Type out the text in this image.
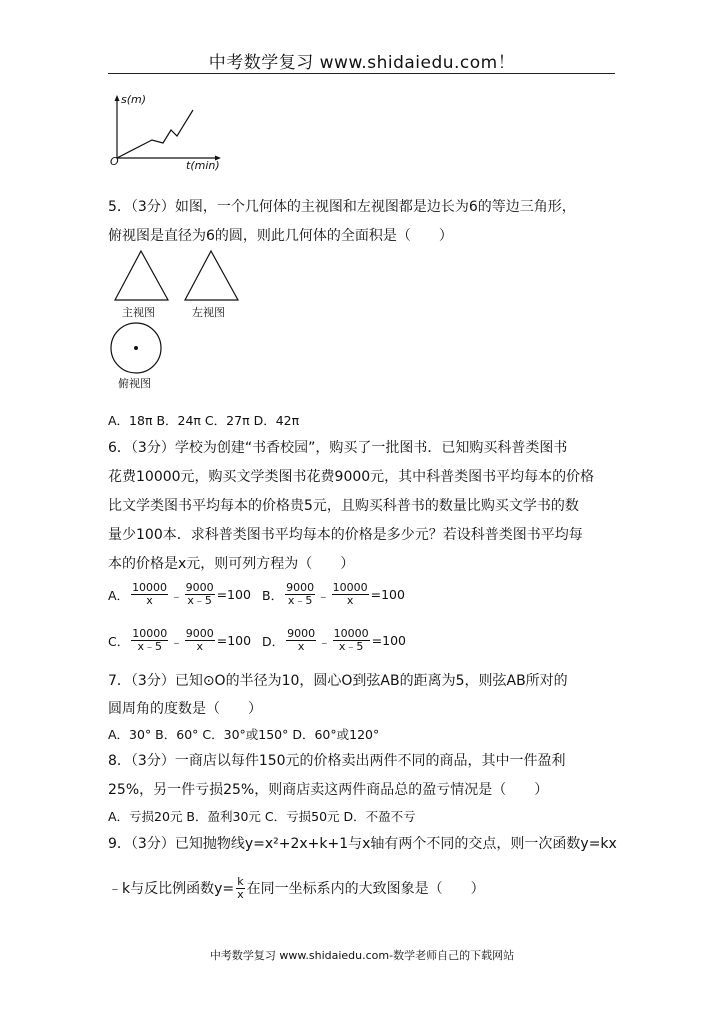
中考数学复习 www.shidaiedu.com！
s(m)
O	t(min)
5．（3分）如图，一个几何体的主视图和左视图都是边长为6的等边三角形，
俯视图是直径为6的圆，则此几何体的全面积是（　　）
主视图	左视图
俯视图
A．18π B．24π C．27π D．42π
6．（3分）学校为创建“书香校园”，购买了一批图书．已知购买科普类图书
花费10000元，购买文学类图书花费9000元，其中科普类图书平均每本的价格
比文学类图书平均每本的价格贵5元，且购买科普书的数量比购买文学书的数
量少100本．求科普类图书平均每本的价格是多少元？若设科普类图书平均每
本的价格是x元，则可列方程为（　　）
A． $\frac{10000}{x}$ ﹣ $\frac{9000}{x﹣5} =100$ B． $\frac{9000}{x﹣5}$ ﹣ $\frac{10000}{x} =100$
C． $\frac{10000}{x﹣5}$ ﹣ $\frac{9000}{x} =100$ D． $\frac{9000}{x}$ ﹣ $\frac{10000}{x﹣5} =100$
7．（3分）已知⊙O的半径为10，圆心O到弦AB的距离为5，则弦AB所对的
圆周角的度数是（　　）
A．30° B．60° C．30°或150° D．60°或120°
8．（3分）一商店以每件150元的价格卖出两件不同的商品，其中一件盈利
25%，另一件亏损25%，则商店卖这两件商品总的盈亏情况是（　　）
A．亏损20元 B．盈利30元 C．亏损50元 D．不盈不亏
9．（3分）已知抛物线y=x²+2x+k+1与x轴有两个不同的交点，则一次函数y=kx
﹣k与反比例函数$y= \frac{k}{x}$ 在同一坐标系内的大致图象是（　　）
中考数学复习 www.shidaiedu.com-数学老师自己的下载网站
